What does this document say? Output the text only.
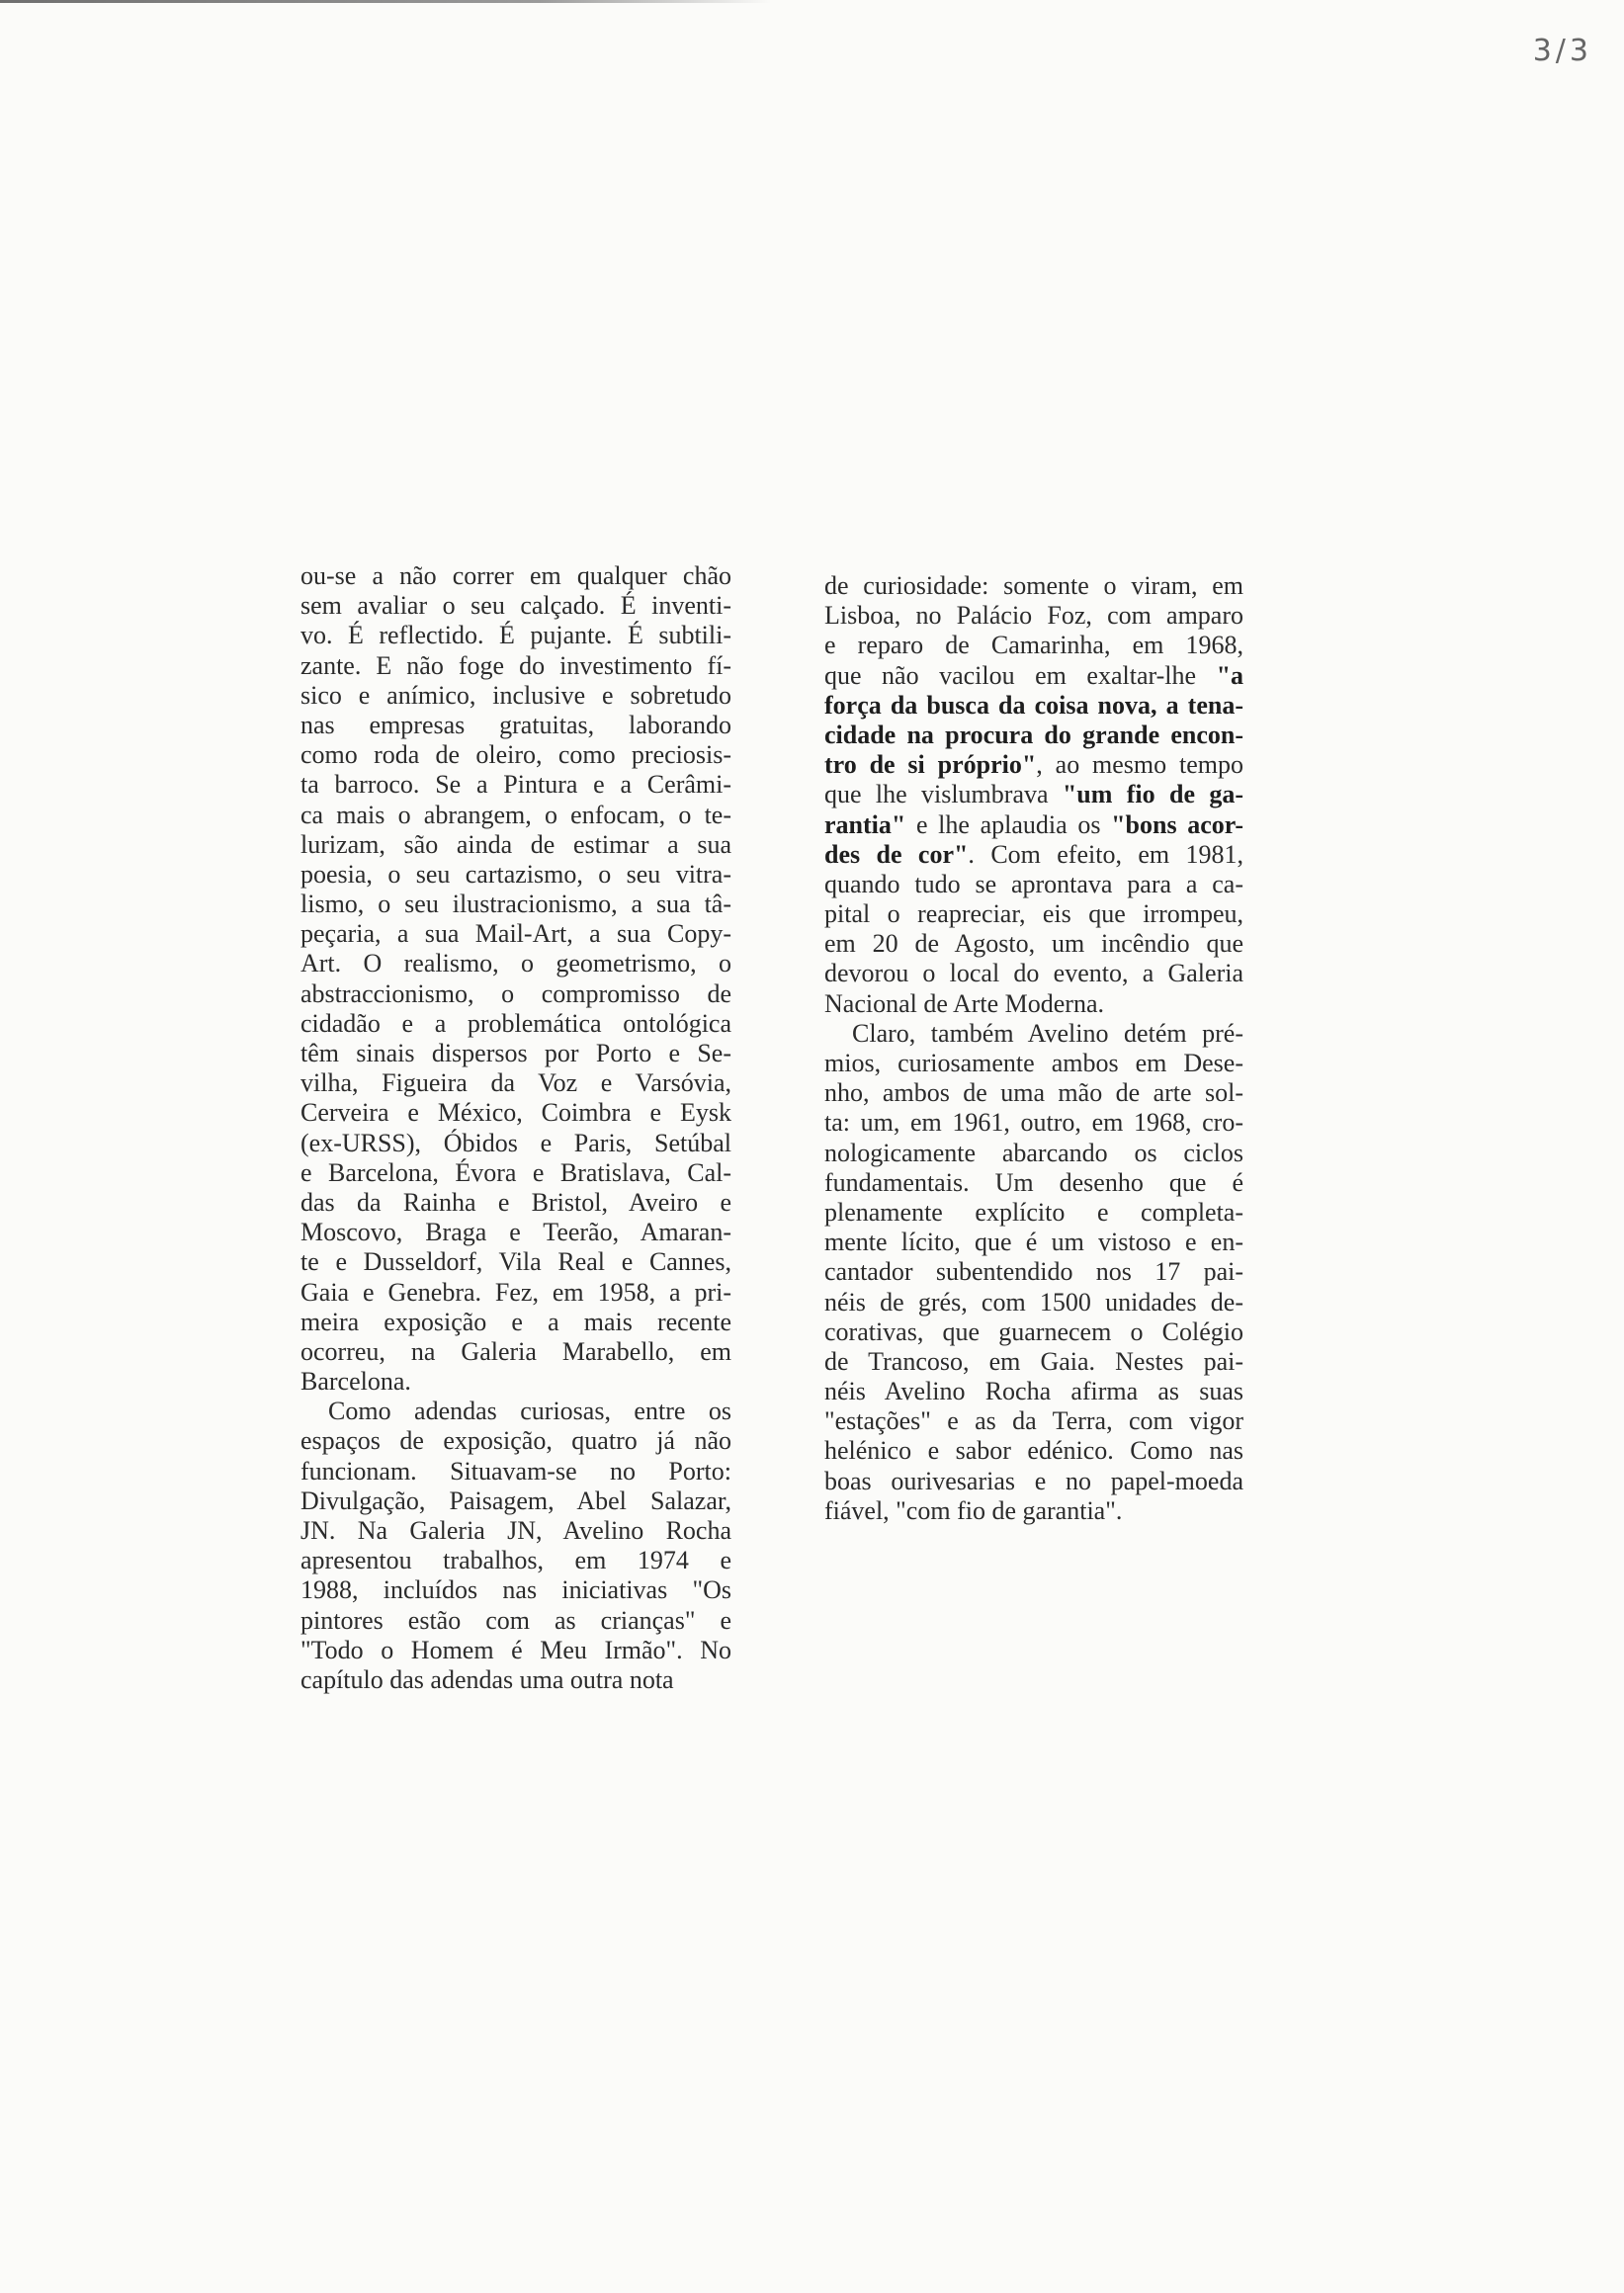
3/3
ou-se a não correr em qualquer chão
sem avaliar o seu calçado. É inventi-
vo. É reflectido. É pujante. É subtili-
zante. E não foge do investimento fí-
sico e anímico, inclusive e sobretudo
nas empresas gratuitas, laborando
como roda de oleiro, como preciosis-
ta barroco. Se a Pintura e a Cerâmi-
ca mais o abrangem, o enfocam, o te-
lurizam, são ainda de estimar a sua
poesia, o seu cartazismo, o seu vitra-
lismo, o seu ilustracionismo, a sua tâ-
peçaria, a sua Mail-Art, a sua Copy-
Art. O realismo, o geometrismo, o
abstraccionismo, o compromisso de
cidadão e a problemática ontológica
têm sinais dispersos por Porto e Se-
vilha, Figueira da Voz e Varsóvia,
Cerveira e México, Coimbra e Eysk
(ex-URSS), Óbidos e Paris, Setúbal
e Barcelona, Évora e Bratislava, Cal-
das da Rainha e Bristol, Aveiro e
Moscovo, Braga e Teerão, Amaran-
te e Dusseldorf, Vila Real e Cannes,
Gaia e Genebra. Fez, em 1958, a pri-
meira exposição e a mais recente
ocorreu, na Galeria Marabello, em
Barcelona.
Como adendas curiosas, entre os
espaços de exposição, quatro já não
funcionam. Situavam-se no Porto:
Divulgação, Paisagem, Abel Salazar,
JN. Na Galeria JN, Avelino Rocha
apresentou trabalhos, em 1974 e
1988, incluídos nas iniciativas "Os
pintores estão com as crianças" e
"Todo o Homem é Meu Irmão". No
capítulo das adendas uma outra nota
de curiosidade: somente o viram, em
Lisboa, no Palácio Foz, com amparo
e reparo de Camarinha, em 1968,
que não vacilou em exaltar-lhe "a
força da busca da coisa nova, a tena-
cidade na procura do grande encon-
tro de si próprio", ao mesmo tempo
que lhe vislumbrava "um fio de ga-
rantia" e lhe aplaudia os "bons acor-
des de cor". Com efeito, em 1981,
quando tudo se aprontava para a ca-
pital o reapreciar, eis que irrompeu,
em 20 de Agosto, um incêndio que
devorou o local do evento, a Galeria
Nacional de Arte Moderna.
Claro, também Avelino detém pré-
mios, curiosamente ambos em Dese-
nho, ambos de uma mão de arte sol-
ta: um, em 1961, outro, em 1968, cro-
nologicamente abarcando os ciclos
fundamentais. Um desenho que é
plenamente explícito e completa-
mente lícito, que é um vistoso e en-
cantador subentendido nos 17 pai-
néis de grés, com 1500 unidades de-
corativas, que guarnecem o Colégio
de Trancoso, em Gaia. Nestes pai-
néis Avelino Rocha afirma as suas
"estações" e as da Terra, com vigor
helénico e sabor edénico. Como nas
boas ourivesarias e no papel-moeda
fiável, "com fio de garantia".
